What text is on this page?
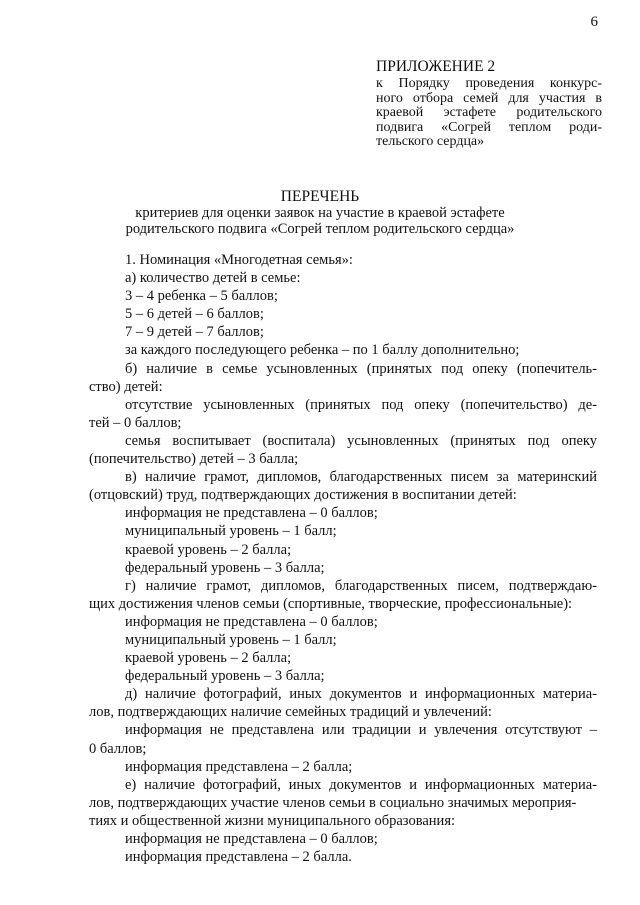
6
ПРИЛОЖЕНИЕ 2
к Порядку проведения конкурс-
ного отбора семей для участия в
краевой эстафете родительского
подвига «Согрей теплом роди-
тельского сердца»
ПЕРЕЧЕНЬ
критериев для оценки заявок на участие в краевой эстафете
родительского подвига «Согрей теплом родительского сердца»
1. Номинация «Многодетная семья»:
а) количество детей в семье:
3 – 4 ребенка – 5 баллов;
5 – 6 детей – 6 баллов;
7 – 9 детей – 7 баллов;
за каждого последующего ребенка – по 1 баллу дополнительно;
б) наличие в семье усыновленных (принятых под опеку (попечитель-
ство) детей:
отсутствие усыновленных (принятых под опеку (попечительство) де-
тей – 0 баллов;
семья воспитывает (воспитала) усыновленных (принятых под опеку
(попечительство) детей – 3 балла;
в) наличие грамот, дипломов, благодарственных писем за материнский
(отцовский) труд, подтверждающих достижения в воспитании детей:
информация не представлена – 0 баллов;
муниципальный уровень – 1 балл;
краевой уровень – 2 балла;
федеральный уровень – 3 балла;
г) наличие грамот, дипломов, благодарственных писем, подтверждаю-
щих достижения членов семьи (спортивные, творческие, профессиональные):
информация не представлена – 0 баллов;
муниципальный уровень – 1 балл;
краевой уровень – 2 балла;
федеральный уровень – 3 балла;
д) наличие фотографий, иных документов и информационных материа-
лов, подтверждающих наличие семейных традиций и увлечений:
информация не представлена или традиции и увлечения отсутствуют –
0 баллов;
информация представлена – 2 балла;
е) наличие фотографий, иных документов и информационных материа-
лов, подтверждающих участие членов семьи в социально значимых мероприя-
тиях и общественной жизни муниципального образования:
информация не представлена – 0 баллов;
информация представлена – 2 балла.
